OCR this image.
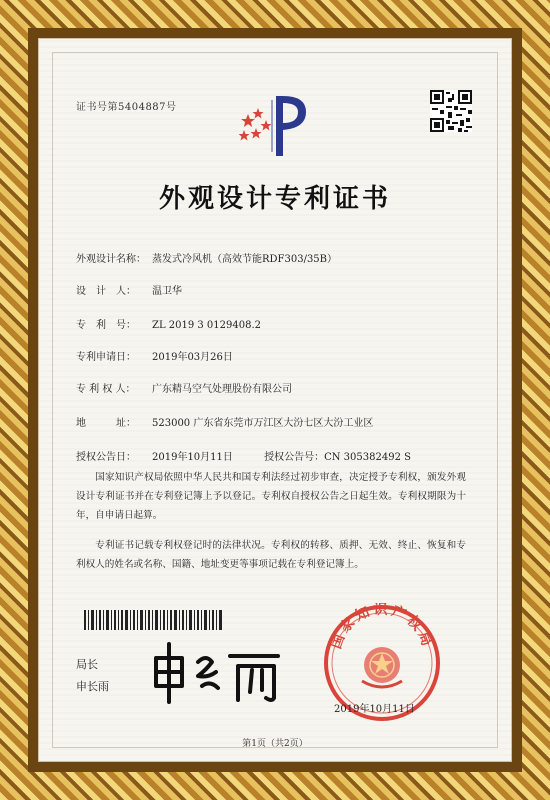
证书号第5404887号
外观设计专利证书
外观设计名称： 蒸发式冷风机（高效节能RDF303/35B）
设　计　人： 温卫华
专　利　号： ZL 2019 3 0129408.2
专利申请日： 2019年03月26日
专 利 权 人： 广东精马空气处理股份有限公司
地　　　址： 523000 广东省东莞市万江区大汾七区大汾工业区
授权公告日： 2019年10月11日	授权公告号：CN 305382492 S
国家知识产权局依照中华人民共和国专利法经过初步审查，决定授予专利权，颁发外观设计专利证书并在专利登记簿上予以登记。专利权自授权公告之日起生效。专利权期限为十年，自申请日起算。
专利证书记载专利权登记时的法律状况。专利权的转移、质押、无效、终止、恢复和专利权人的姓名或名称、国籍、地址变更等事项记载在专利登记簿上。
局长
申长雨
国家知识产权局
2019年10月11日
第1页（共2页）
